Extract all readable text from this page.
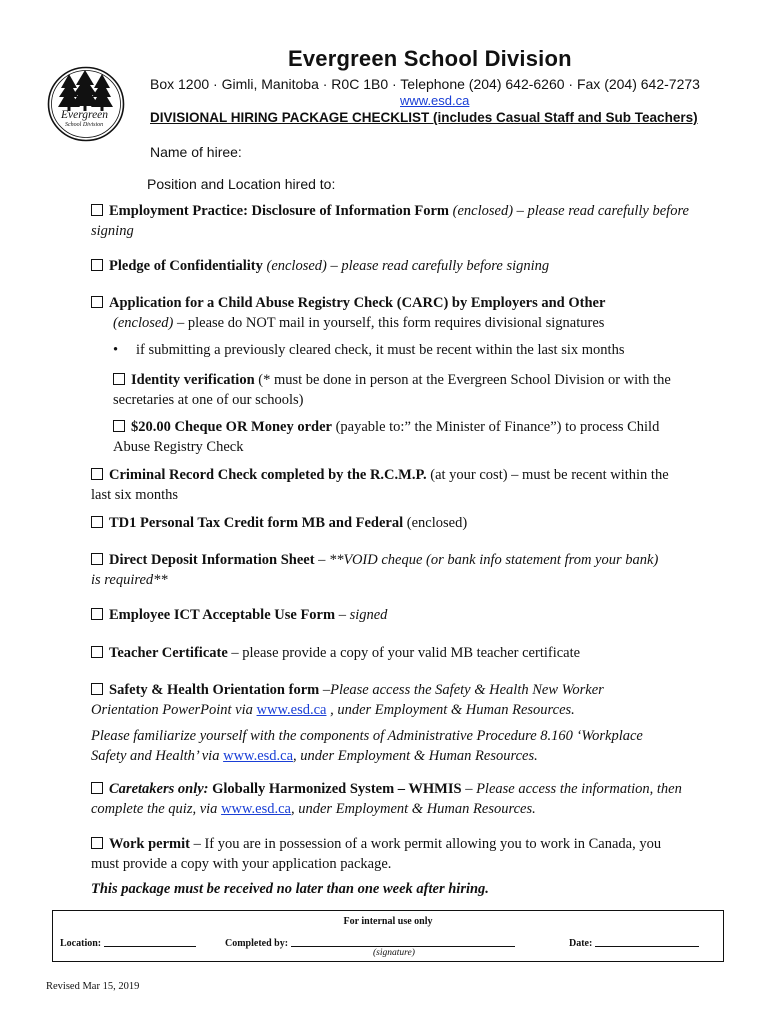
Evergreen
School Division
Evergreen School Division
Box 1200 · Gimli, Manitoba · R0C 1B0 · Telephone (204) 642-6260 · Fax (204) 642-7273
www.esd.ca
DIVISIONAL HIRING PACKAGE CHECKLIST (includes Casual Staff and Sub Teachers)
Name of hiree:
Position and Location hired to:
Employment Practice: Disclosure of Information Form (enclosed) – please read carefully before signing
Pledge of Confidentiality (enclosed) – please read carefully before signing
Application for a Child Abuse Registry Check (CARC) by Employers and Other
(enclosed) – please do NOT mail in yourself, this form requires divisional signatures
• if submitting a previously cleared check, it must be recent within the last six months
Identity verification (* must be done in person at the Evergreen School Division or with the secretaries at one of our schools)
$20.00 Cheque OR Money order (payable to:” the Minister of Finance”) to process Child Abuse Registry Check
Criminal Record Check completed by the R.C.M.P. (at your cost) – must be recent within the last six months
TD1 Personal Tax Credit form MB and Federal (enclosed)
Direct Deposit Information Sheet – **VOID cheque (or bank info statement from your bank) is required**
Employee ICT Acceptable Use Form – signed
Teacher Certificate – please provide a copy of your valid MB teacher certificate
Safety & Health Orientation form –Please access the Safety & Health New Worker Orientation PowerPoint via www.esd.ca , under Employment & Human Resources.
Please familiarize yourself with the components of Administrative Procedure 8.160 ‘Workplace Safety and Health’ via www.esd.ca, under Employment & Human Resources.
Caretakers only: Globally Harmonized System – WHMIS – Please access the information, then complete the quiz, via www.esd.ca, under Employment & Human Resources.
Work permit – If you are in possession of a work permit allowing you to work in Canada, you must provide a copy with your application package.
This package must be received no later than one week after hiring.
For internal use only
Location:	Completed by:
(signature)
Date:
Revised Mar 15, 2019
